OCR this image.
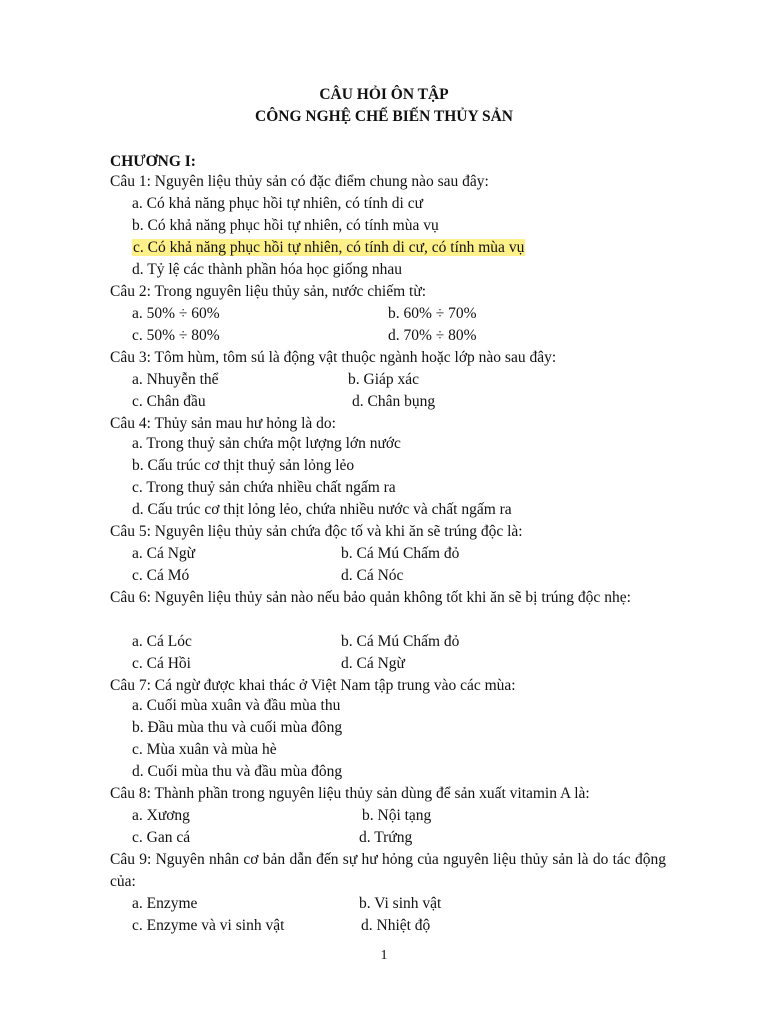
CÂU HỎI ÔN TẬP
CÔNG NGHỆ CHẾ BIẾN THỦY SẢN
CHƯƠNG I:
Câu 1: Nguyên liệu thủy sản có đặc điểm chung nào sau đây:
a. Có khả năng phục hồi tự nhiên, có tính di cư
b. Có khả năng phục hồi tự nhiên, có tính mùa vụ
c. Có khả năng phục hồi tự nhiên, có tính di cư, có tính mùa vụ
d. Tỷ lệ các thành phần hóa học giống nhau
Câu 2: Trong nguyên liệu thủy sản, nước chiếm từ:
a. 50% ÷ 60%	b. 60% ÷ 70%
c. 50% ÷ 80%	d. 70% ÷ 80%
Câu 3: Tôm hùm, tôm sú là động vật thuộc ngành hoặc lớp nào sau đây:
a. Nhuyễn thể	b. Giáp xác
c. Chân đầu	d. Chân bụng
Câu 4: Thủy sản mau hư hỏng là do:
a. Trong thuỷ sản chứa một lượng lớn nước
b. Cấu trúc cơ thịt thuỷ sản lỏng lẻo
c. Trong thuỷ sản chứa nhiều chất ngấm ra
d. Cấu trúc cơ thịt lỏng lẻo, chứa nhiều nước và chất ngấm ra
Câu 5: Nguyên liệu thủy sản chứa độc tố và khi ăn sẽ trúng độc là:
a. Cá Ngừ	b. Cá Mú Chấm đỏ
c. Cá Mó	d. Cá Nóc
Câu 6: Nguyên liệu thủy sản nào nếu bảo quản không tốt khi ăn sẽ bị trúng độc nhẹ:
a. Cá Lóc	b. Cá Mú Chấm đỏ
c. Cá Hồi	d. Cá Ngừ
Câu 7: Cá ngừ được khai thác ở Việt Nam tập trung vào các mùa:
a. Cuối mùa xuân và đầu mùa thu
b. Đầu mùa thu và cuối mùa đông
c. Mùa xuân và mùa hè
d. Cuối mùa thu và đầu mùa đông
Câu 8: Thành phần trong nguyên liệu thủy sản dùng để sản xuất vitamin A là:
a. Xương	b. Nội tạng
c. Gan cá	d. Trứng
Câu 9: Nguyên nhân cơ bản dẫn đến sự hư hỏng của nguyên liệu thủy sản là do tác động của:
a. Enzyme	b. Vi sinh vật
c. Enzyme và vi sinh vật	d. Nhiệt độ
1
